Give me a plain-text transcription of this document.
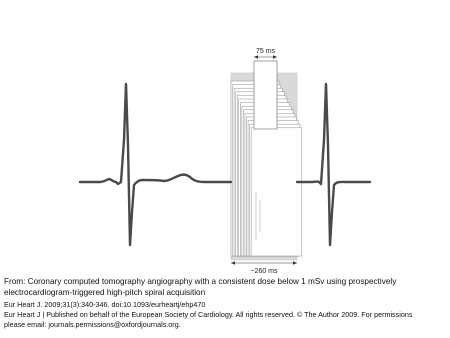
75 ms
~260 ms
From: Coronary computed tomography angiography with a consistent dose below 1 mSv using prospectively
electrocardiogram-triggered high-pitch spiral acquisition
Eur Heart J. 2009;31(3):340-346. doi:10.1093/eurheartj/ehp470
Eur Heart J | Published on behalf of the European Society of Cardiology. All rights reserved. © The Author 2009. For permissions
please email: journals.permissions@oxfordjournals.org.
